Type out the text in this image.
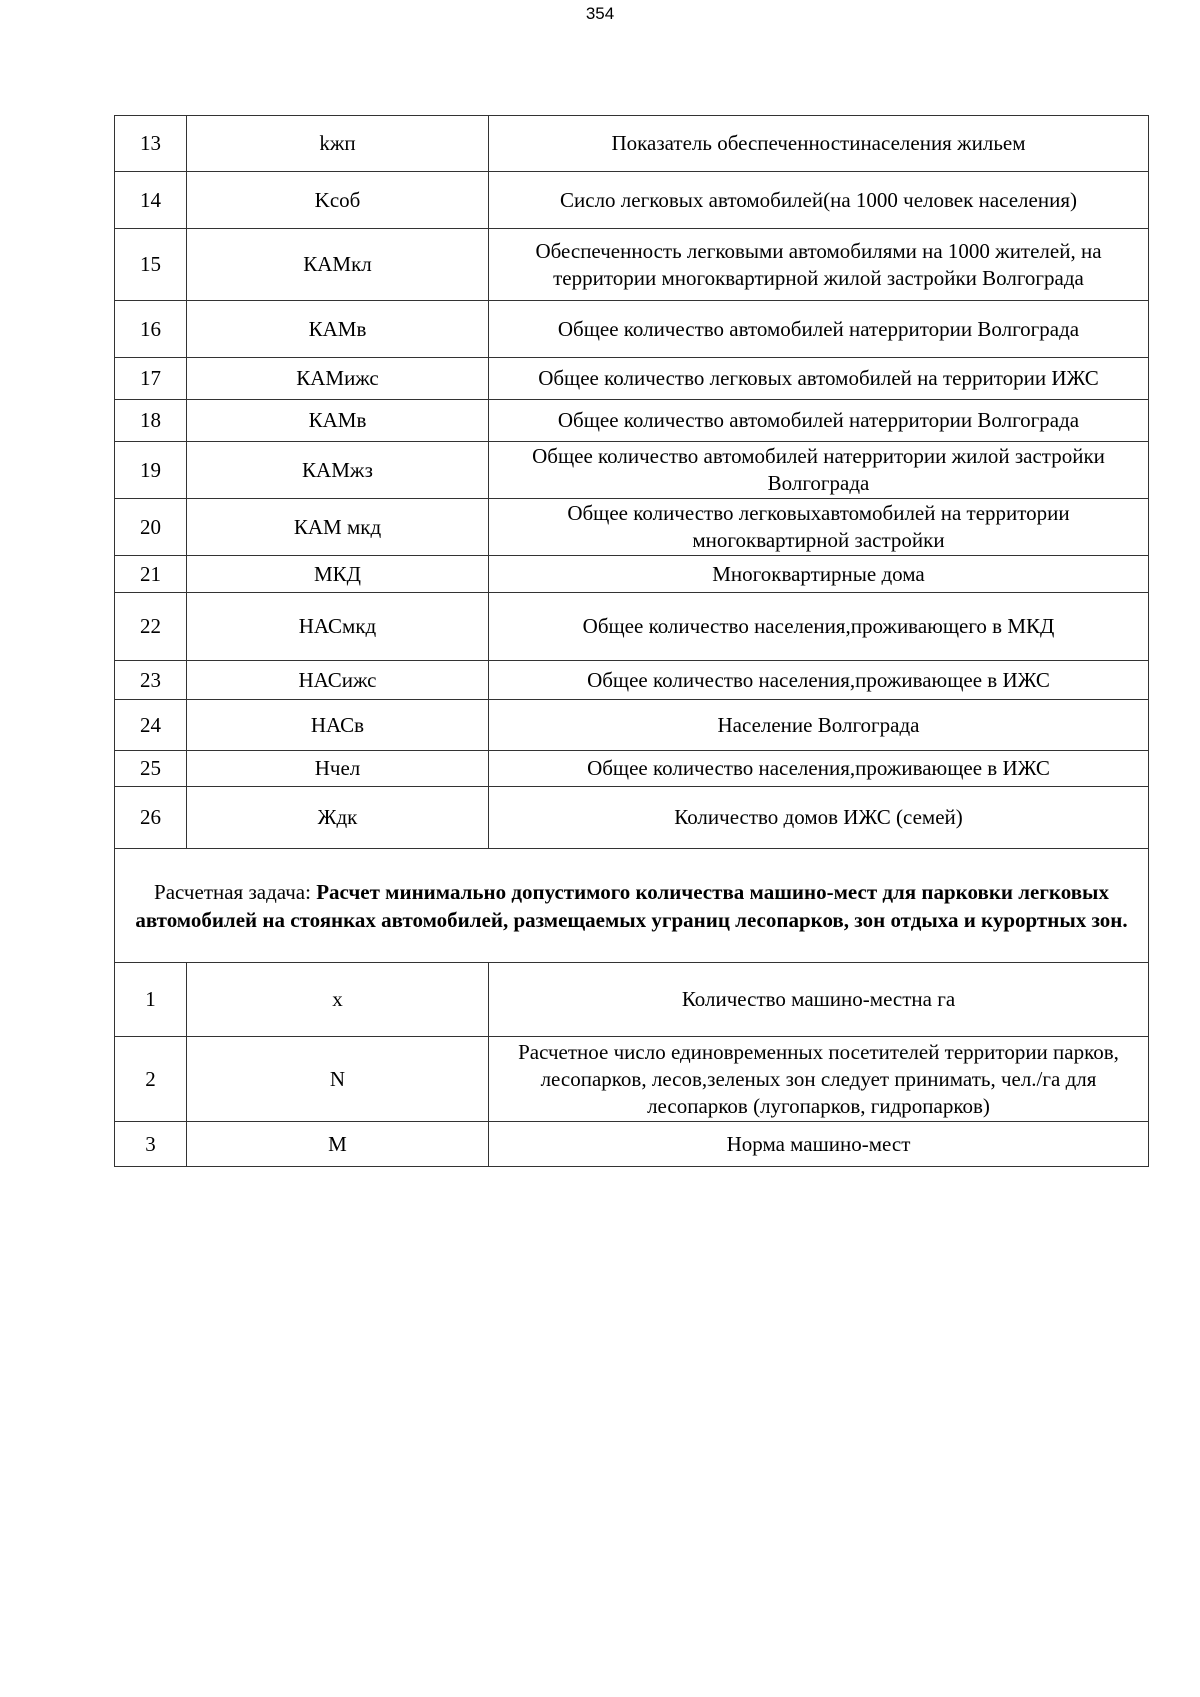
354
13	kжп	Показатель обеспеченностинаселения жильем
14	Kсоб	Сисло легковых автомобилей(на 1000 человек населения)
15	КАМкл	Обеспеченность легковыми автомобилями на 1000 жителей, на территории многоквартирной жилой застройки Волгограда
16	КАМв	Общее количество автомобилей натерритории Волгограда
17	КАМижс	Общее количество легковых автомобилей на территории ИЖС
18	КАМв	Общее количество автомобилей натерритории Волгограда
19	КАМжз	Общее количество автомобилей натерритории жилой застройки Волгограда
20	КАМ мкд	Общее количество легковыхавтомобилей на территории многоквартирной застройки
21	МКД	Многоквартирные дома
22	НАСмкд	Общее количество населения,проживающего в МКД
23	НАСижс	Общее количество населения,проживающее в ИЖС
24	НАСв	Население Волгограда
25	Нчел	Общее количество населения,проживающее в ИЖС
26	Ждк	Количество домов ИЖС (семей)
Расчетная задача: Расчет минимально допустимого количества машино-мест для парковки легковых автомобилей на стоянках автомобилей, размещаемых уграниц лесопарков, зон отдыха и курортных зон.		
1	x	Количество машино-местна га
2	N	Расчетное число единовременных посетителей территории парков, лесопарков, лесов,зеленых зон следует принимать, чел./га для лесопарков (лугопарков, гидропарков)
3	M	Норма машино-мест
